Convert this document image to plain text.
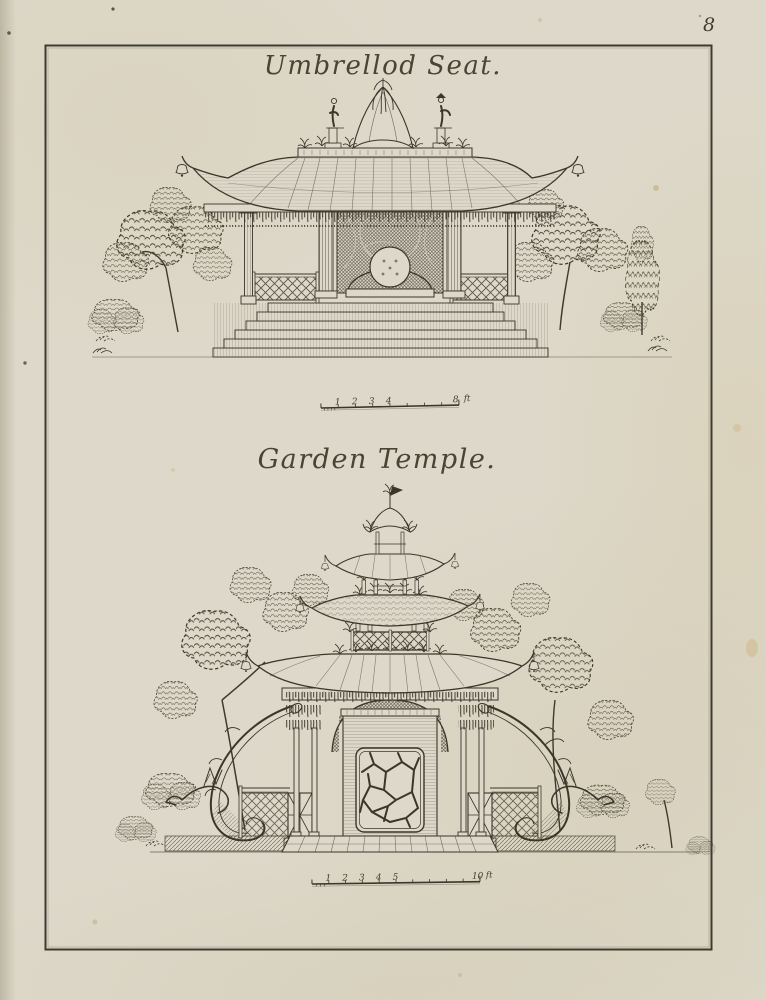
8
Umbrellod Seat.
1 2 3 4	8 ft
Garden Temple.
1 2 3 4 5	10 ft
